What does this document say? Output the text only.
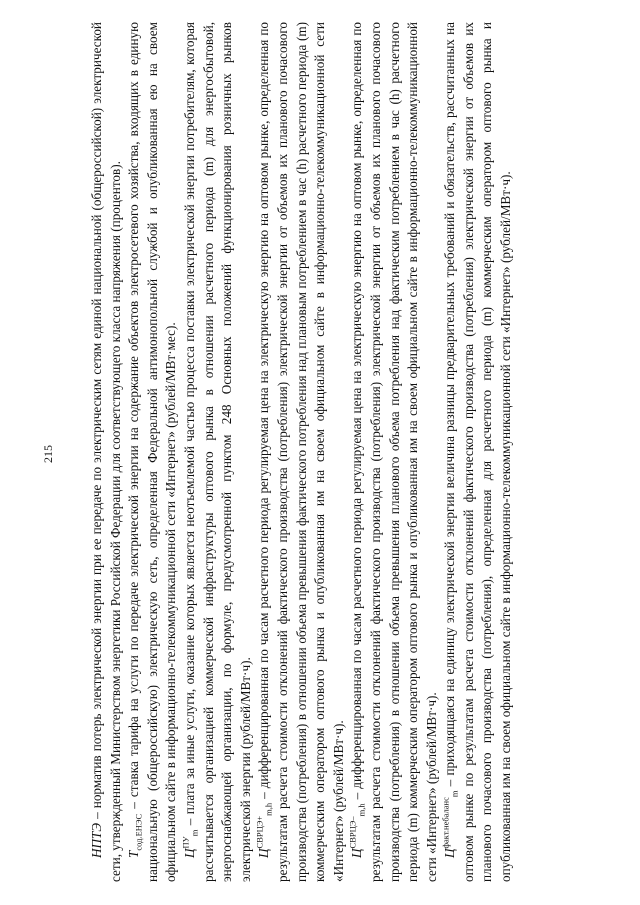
215

НПТЭ – норматив потерь электрической энергии при ее передаче по электрическим сетям единой национальной (общероссийской) электрической сети, утвержденный Министерством энергетики Российской Федерации для соответствующего класса напряжения (процентов). $Т_{сод.ЕНЭС}$ – ставка тарифа на услуги по передаче электрической энергии на содержание объектов электросетевого хозяйства, входящих в единую национальную (общероссийскую) электрическую сеть, определенная Федеральной антимонопольной службой и опубликованная ею на своем официальном сайте в информационно-телекоммуникационной сети «Интернет» (рублей/МВт·мес). $Ц^{ПУ}_m$ – плата за иные услуги, оказание которых является неотъемлемой частью процесса поставки электрической энергии потребителям, которая рассчитывается организацией коммерческой инфраструктуры оптового рынка в отношении расчетного периода (m) для энергосбытовой, энергоснабжающей организации, по формуле, предусмотренной пунктом 248 Основных положений функционирования розничных рынков электрической энергии (рублей/МВт·ч). $Ц^{СВРЦЭ+}_{m,h}$ – дифференцированная по часам расчетного периода регулируемая цена на электрическую энергию на оптовом рынке, определенная по результатам расчета стоимости отклонений фактического производства (потребления) электрической энергии от объемов их планового почасового производства (потребления) в отношении объема превышения фактического потребления над плановым потреблением в час (h) расчетного периода (m) коммерческим оператором оптового рынка и опубликованная им на своем официальном сайте в информационно-телекоммуникационной сети «Интернет» (рублей/МВт·ч). $Ц^{СВРЦЭ-}_{m,h}$ – дифференцированная по часам расчетного периода регулируемая цена на электрическую энергию на оптовом рынке, определенная по результатам расчета стоимости отклонений фактического производства (потребления) электрической энергии от объемов их планового почасового производства (потребления) в отношении объема превышения планового объема потребления над фактическим потреблением в час (h) расчетного периода (m) коммерческим оператором оптового рынка и опубликованная им на своем официальном сайте в информационно-телекоммуникационной сети «Интернет» (рублей/МВт·ч). $Ц^{факт.небаланс}_m$ – приходящаяся на единицу электрической энергии величина разницы предварительных требований и обязательств, рассчитанных на оптовом рынке по результатам расчета стоимости отклонений фактического производства (потребления) электрической энергии от объемов их планового почасового производства (потребления), определенная для расчетного периода (m) коммерческим оператором оптового рынка и опубликованная им на своем официальном сайте в информационно-телекоммуникационной сети «Интернет» (рублей/МВт·ч).
